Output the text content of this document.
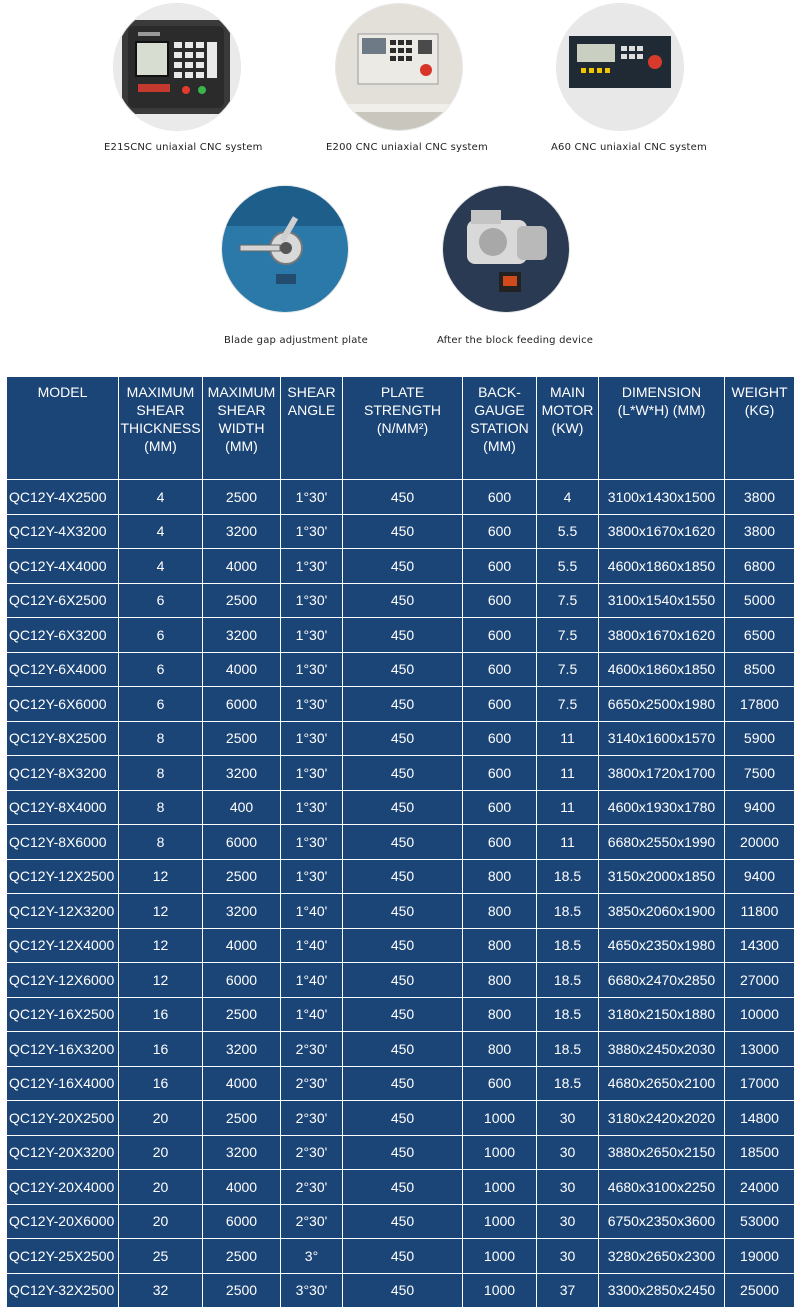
E21SCNC uniaxial CNC system	E200 CNC uniaxial CNC system	A60 CNC uniaxial CNC system
Blade gap adjustment plate	After the block feeding device
MODEL	MAXIMUM SHEAR THICKNESS (MM)	MAXIMUM SHEAR WIDTH (MM)	SHEAR ANGLE	PLATE STRENGTH (N/MM²)	BACK-GAUGE STATION (MM)	MAIN MOTOR (KW)	DIMENSION (L*W*H) (MM)	WEIGHT (KG)
QC12Y-4X2500	4	2500	1°30'	450	600	4	3100x1430x1500	3800
QC12Y-4X3200	4	3200	1°30'	450	600	5.5	3800x1670x1620	3800
QC12Y-4X4000	4	4000	1°30'	450	600	5.5	4600x1860x1850	6800
QC12Y-6X2500	6	2500	1°30'	450	600	7.5	3100x1540x1550	5000
QC12Y-6X3200	6	3200	1°30'	450	600	7.5	3800x1670x1620	6500
QC12Y-6X4000	6	4000	1°30'	450	600	7.5	4600x1860x1850	8500
QC12Y-6X6000	6	6000	1°30'	450	600	7.5	6650x2500x1980	17800
QC12Y-8X2500	8	2500	1°30'	450	600	11	3140x1600x1570	5900
QC12Y-8X3200	8	3200	1°30'	450	600	11	3800x1720x1700	7500
QC12Y-8X4000	8	400	1°30'	450	600	11	4600x1930x1780	9400
QC12Y-8X6000	8	6000	1°30'	450	600	11	6680x2550x1990	20000
QC12Y-12X2500	12	2500	1°30'	450	800	18.5	3150x2000x1850	9400
QC12Y-12X3200	12	3200	1°40'	450	800	18.5	3850x2060x1900	11800
QC12Y-12X4000	12	4000	1°40'	450	800	18.5	4650x2350x1980	14300
QC12Y-12X6000	12	6000	1°40'	450	800	18.5	6680x2470x2850	27000
QC12Y-16X2500	16	2500	1°40'	450	800	18.5	3180x2150x1880	10000
QC12Y-16X3200	16	3200	2°30'	450	800	18.5	3880x2450x2030	13000
QC12Y-16X4000	16	4000	2°30'	450	600	18.5	4680x2650x2100	17000
QC12Y-20X2500	20	2500	2°30'	450	1000	30	3180x2420x2020	14800
QC12Y-20X3200	20	3200	2°30'	450	1000	30	3880x2650x2150	18500
QC12Y-20X4000	20	4000	2°30'	450	1000	30	4680x3100x2250	24000
QC12Y-20X6000	20	6000	2°30'	450	1000	30	6750x2350x3600	53000
QC12Y-25X2500	25	2500	3°	450	1000	30	3280x2650x2300	19000
QC12Y-32X2500	32	2500	3°30'	450	1000	37	3300x2850x2450	25000
